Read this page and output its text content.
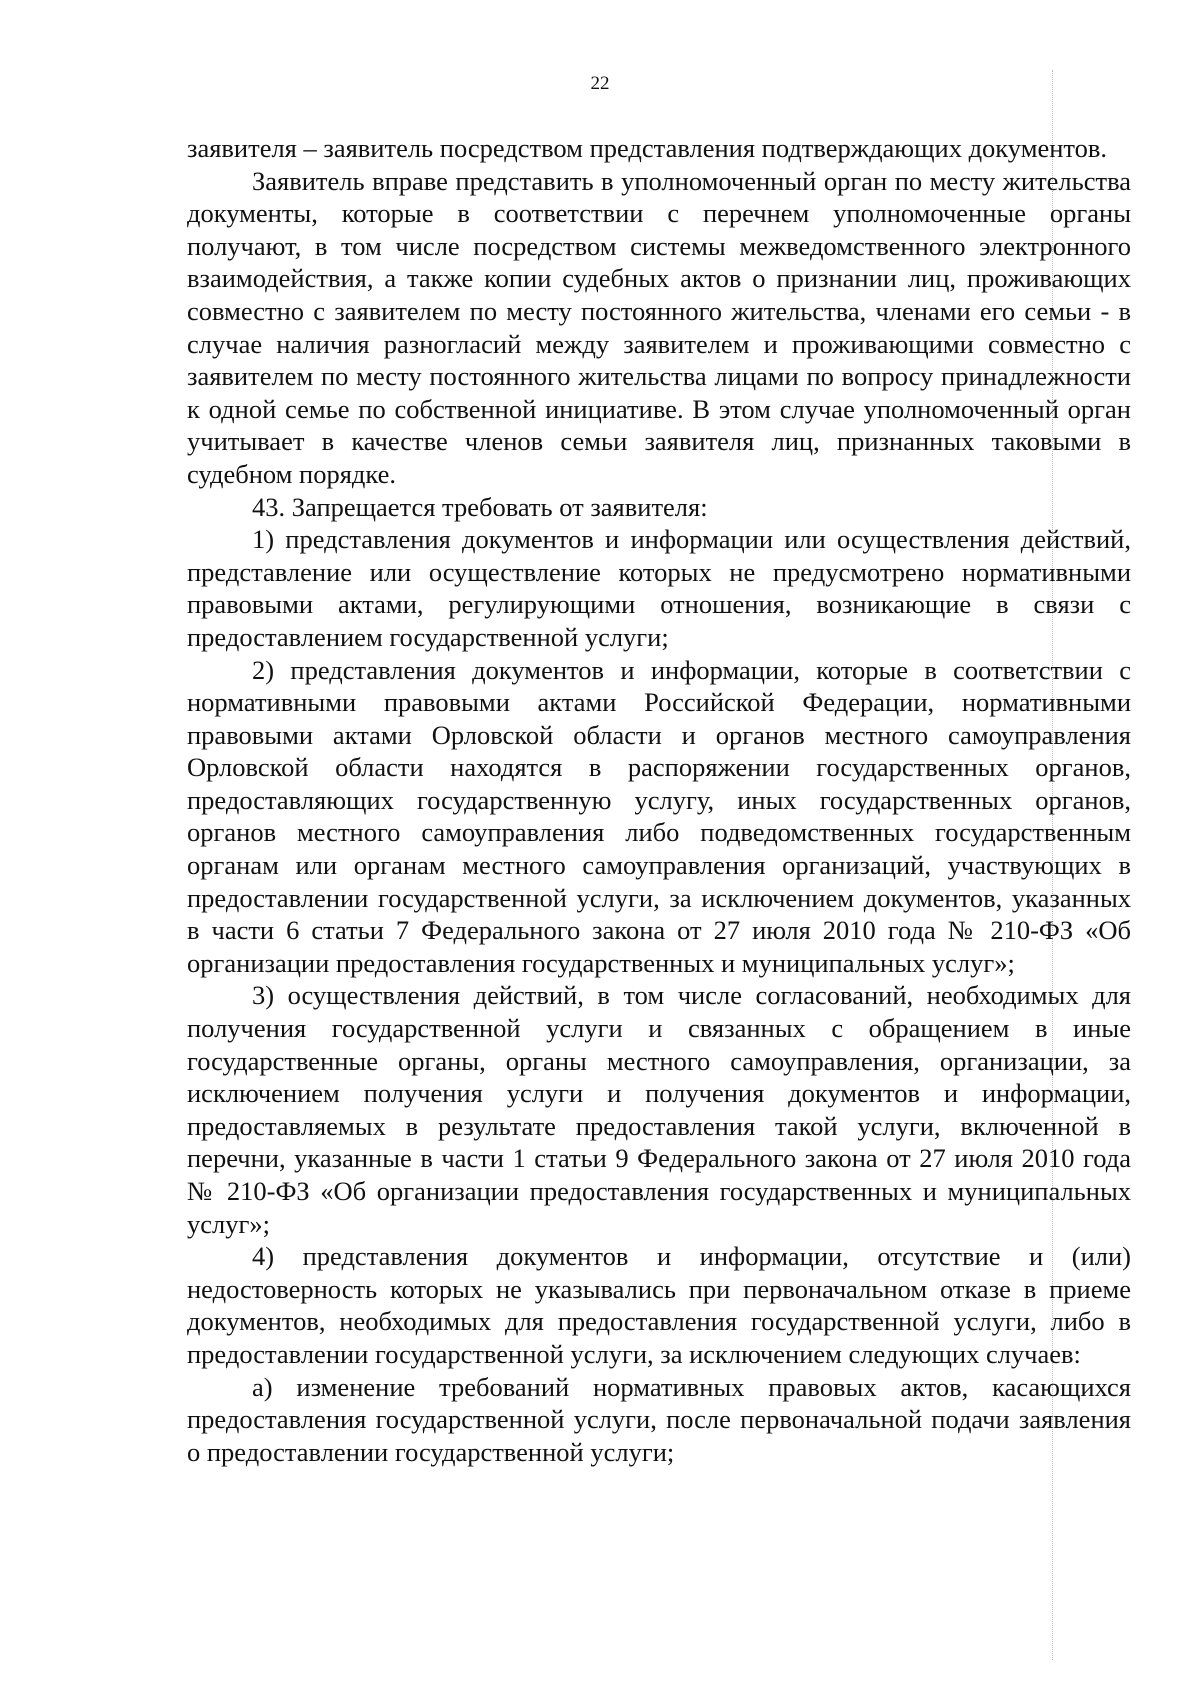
22

заявителя – заявитель посредством представления подтверждающих документов.

Заявитель вправе представить в уполномоченный орган по месту жительства документы, которые в соответствии с перечнем уполномоченные органы получают, в том числе посредством системы межведомственного электронного взаимодействия, а также копии судебных актов о признании лиц, проживающих совместно с заявителем по месту постоянного жительства, членами его семьи - в случае наличия разногласий между заявителем и проживающими совместно с заявителем по месту постоянного жительства лицами по вопросу принадлежности к одной семье по собственной инициативе. В этом случае уполномоченный орган учитывает в качестве членов семьи заявителя лиц, признанных таковыми в судебном порядке.

43. Запрещается требовать от заявителя:

1) представления документов и информации или осуществления действий, представление или осуществление которых не предусмотрено нормативными правовыми актами, регулирующими отношения, возникающие в связи с предоставлением государственной услуги;

2) представления документов и информации, которые в соответствии с нормативными правовыми актами Российской Федерации, нормативными правовыми актами Орловской области и органов местного самоуправления Орловской области находятся в распоряжении государственных органов, предоставляющих государственную услугу, иных государственных органов, органов местного самоуправления либо подведомственных государственным органам или органам местного самоуправления организаций, участвующих в предоставлении государственной услуги, за исключением документов, указанных в части 6 статьи 7 Федерального закона от 27 июля 2010 года № 210-ФЗ «Об организации предоставления государственных и муниципальных услуг»;

3) осуществления действий, в том числе согласований, необходимых для получения государственной услуги и связанных с обращением в иные государственные органы, органы местного самоуправления, организации, за исключением получения услуги и получения документов и информации, предоставляемых в результате предоставления такой услуги, включенной в перечни, указанные в части 1 статьи 9 Федерального закона от 27 июля 2010 года № 210-ФЗ «Об организации предоставления государственных и муниципальных услуг»;

4) представления документов и информации, отсутствие и (или) недостоверность которых не указывались при первоначальном отказе в приеме документов, необходимых для предоставления государственной услуги, либо в предоставлении государственной услуги, за исключением следующих случаев:

а) изменение требований нормативных правовых актов, касающихся предоставления государственной услуги, после первоначальной подачи заявления о предоставлении государственной услуги;
